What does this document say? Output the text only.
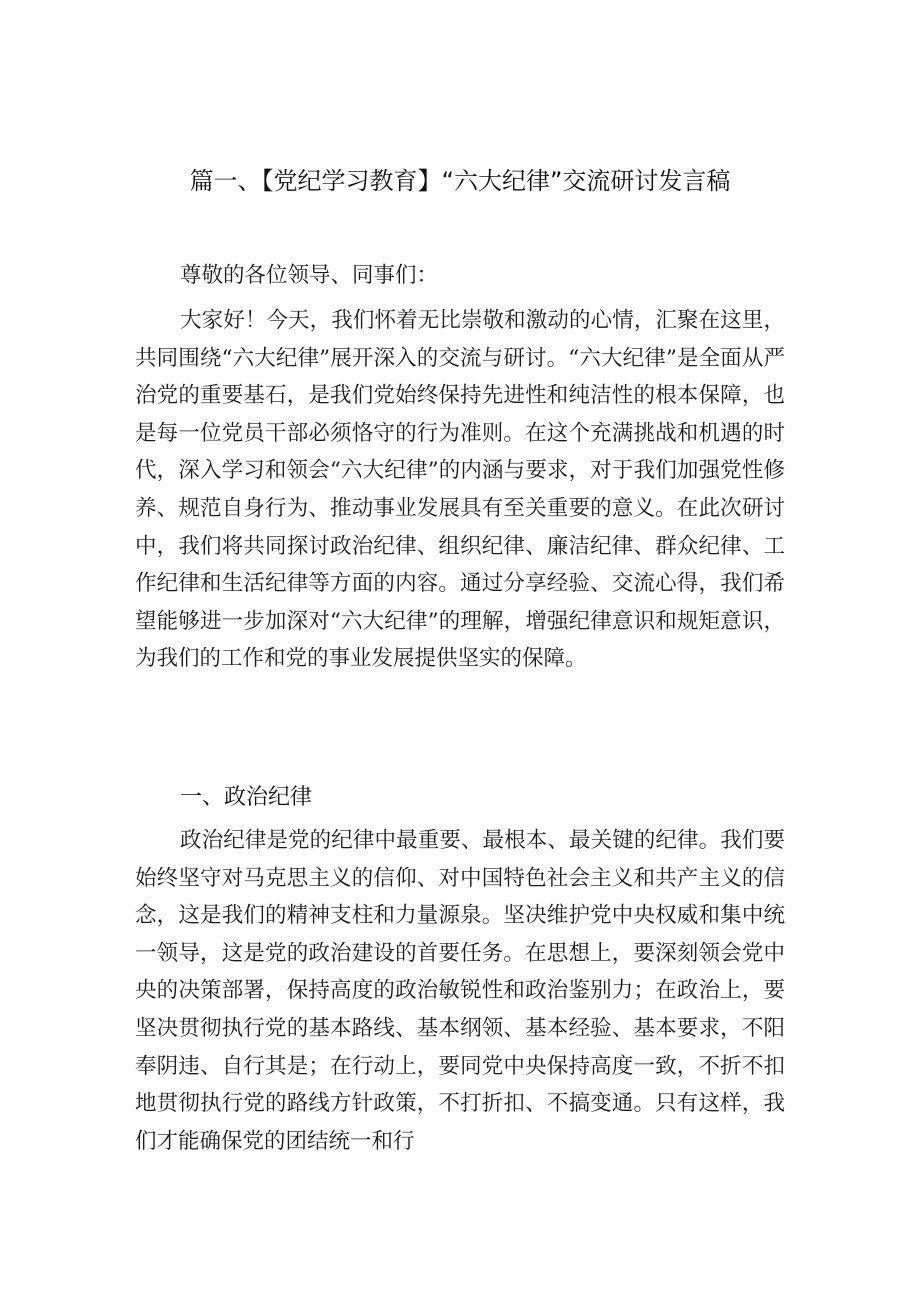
篇一、【党纪学习教育】“六大纪律”交流研讨发言稿
尊敬的各位领导、同事们：
大家好！今天，我们怀着无比崇敬和激动的心情，汇聚在这里，共同围绕“六大纪律”展开深入的交流与研讨。“六大纪律”是全面从严治党的重要基石，是我们党始终保持先进性和纯洁性的根本保障，也是每一位党员干部必须恪守的行为准则。在这个充满挑战和机遇的时代，深入学习和领会“六大纪律”的内涵与要求，对于我们加强党性修养、规范自身行为、推动事业发展具有至关重要的意义。在此次研讨中，我们将共同探讨政治纪律、组织纪律、廉洁纪律、群众纪律、工作纪律和生活纪律等方面的内容。通过分享经验、交流心得，我们希望能够进一步加深对“六大纪律”的理解，增强纪律意识和规矩意识，为我们的工作和党的事业发展提供坚实的保障。
一、政治纪律
政治纪律是党的纪律中最重要、最根本、最关键的纪律。我们要始终坚守对马克思主义的信仰、对中国特色社会主义和共产主义的信念，这是我们的精神支柱和力量源泉。坚决维护党中央权威和集中统一领导，这是党的政治建设的首要任务。在思想上，要深刻领会党中央的决策部署，保持高度的政治敏锐性和政治鉴别力；在政治上，要坚决贯彻执行党的基本路线、基本纲领、基本经验、基本要求，不阳奉阴违、自行其是；在行动上，要同党中央保持高度一致，不折不扣地贯彻执行党的路线方针政策，不打折扣、不搞变通。只有这样，我们才能确保党的团结统一和行
